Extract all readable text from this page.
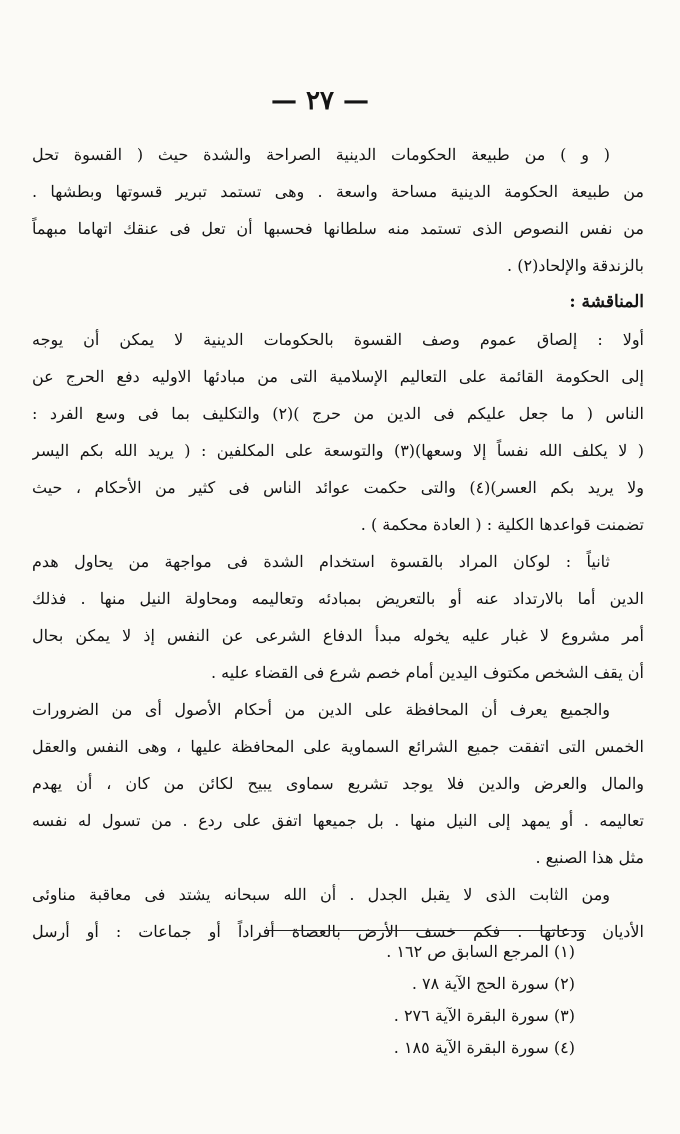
— ٢٧ —
( و ) من طبيعة الحكومات الدينية الصراحة والشدة حيث ( القسوة تحل
من طبيعة الحكومة الدينية مساحة واسعة . وهى تستمد تبرير قسوتها وبطشها .
من نفس النصوص الذى تستمد منه سلطانها فحسبها أن تعل فى عنقك اتهاما مبهماً
بالزندقة والإلحاد(٢) .
المناقشة :
أولا : إلصاق عموم وصف القسوة بالحكومات الدينية لا يمكن أن يوجه
إلى الحكومة القائمة على التعاليم الإسلامية التى من مبادئها الاوليه دفع الحرج عن
الناس ( ما جعل عليكم فى الدين من حرج )(٢) والتكليف بما فى وسع الفرد :
( لا يكلف الله نفساً إلا وسعها)(٣) والتوسعة على المكلفين : ( يريد الله بكم اليسر
ولا يريد بكم العسر)(٤) والتى حكمت عوائد الناس فى كثير من الأحكام ، حيث
تضمنت قواعدها الكلية : ( العادة محكمة ) .
ثانياً : لوكان المراد بالقسوة استخدام الشدة فى مواجهة من يحاول هدم
الدين أما بالارتداد عنه أو بالتعريض بمبادئه وتعاليمه ومحاولة النيل منها . فذلك
أمر مشروع لا غبار عليه يخوله مبدأ الدفاع الشرعى عن النفس إذ لا يمكن بحال
أن يقف الشخص مكتوف اليدين أمام خصم شرع فى القضاء عليه .
والجميع يعرف أن المحافظة على الدين من أحكام الأصول أى من الضرورات
الخمس التى اتفقت جميع الشرائع السماوية على المحافظة عليها ، وهى النفس والعقل
والمال والعرض والدين فلا يوجد تشريع سماوى يبيح لكائن من كان ، أن يهدم
تعاليمه . أو يمهد إلى النيل منها . بل جميعها اتفق على ردع . من تسول له نفسه
مثل هذا الصنيع .
ومن الثابت الذى لا يقبل الجدل . أن الله سبحانه يشتد فى معاقبة مناوئى
الأديان ودعاتها . فكم خسف الأرض بالعصاة أفراداً أو جماعات : أو أرسل
(١) المرجع السابق ص ١٦٢ .
(٢) سورة الحج الآية ٧٨ .
(٣) سورة البقرة الآية ٢٧٦ .
(٤) سورة البقرة الآية ١٨٥ .
